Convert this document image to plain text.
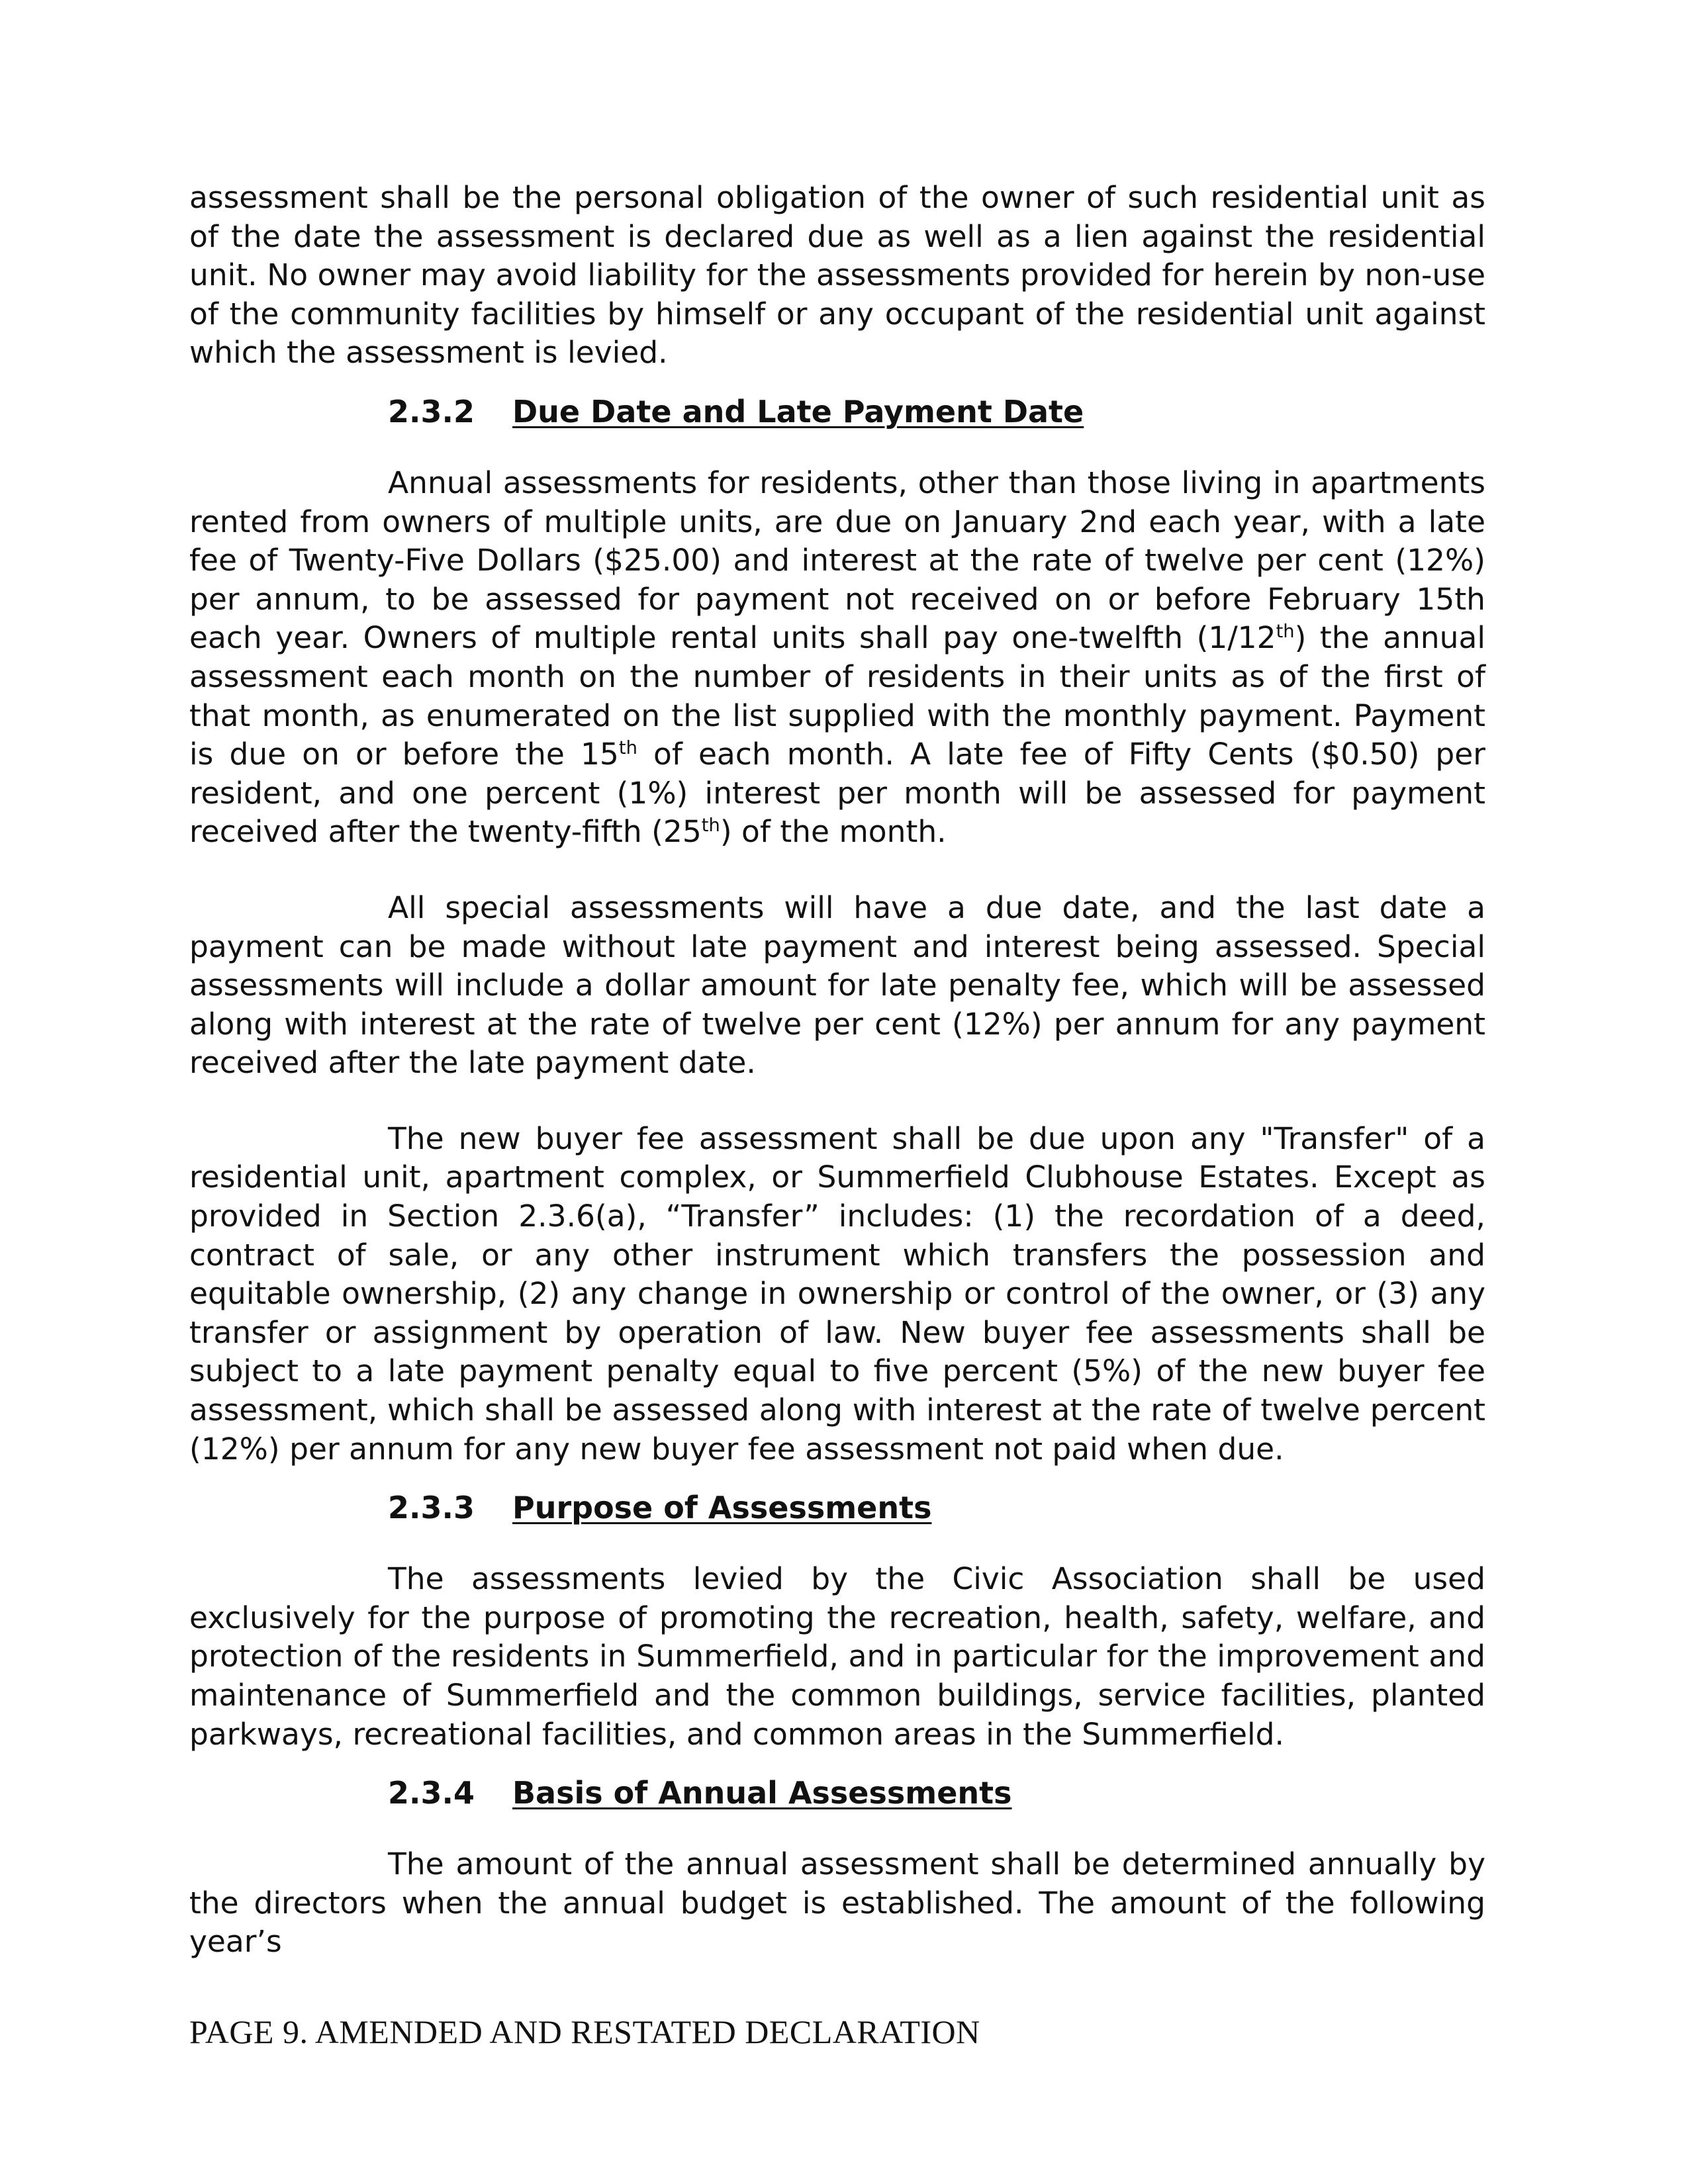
assessment shall be the personal obligation of the owner of such residential unit as of the date the assessment is declared due as well as a lien against the residential unit. No owner may avoid liability for the assessments provided for herein by non-use of the community facilities by himself or any occupant of the residential unit against which the assessment is levied.

2.3.2 Due Date and Late Payment Date

Annual assessments for residents, other than those living in apartments rented from owners of multiple units, are due on January 2nd each year, with a late fee of Twenty-Five Dollars ($25.00) and interest at the rate of twelve per cent (12%) per annum, to be assessed for payment not received on or before February 15th each year. Owners of multiple rental units shall pay one-twelfth (1/12th) the annual assessment each month on the number of residents in their units as of the first of that month, as enumerated on the list supplied with the monthly payment. Payment is due on or before the 15th of each month. A late fee of Fifty Cents ($0.50) per resident, and one percent (1%) interest per month will be assessed for payment received after the twenty-fifth (25th) of the month.

All special assessments will have a due date, and the last date a payment can be made without late payment and interest being assessed. Special assessments will include a dollar amount for late penalty fee, which will be assessed along with interest at the rate of twelve per cent (12%) per annum for any payment received after the late payment date.

The new buyer fee assessment shall be due upon any "Transfer" of a residential unit, apartment complex, or Summerfield Clubhouse Estates. Except as provided in Section 2.3.6(a), “Transfer” includes: (1) the recordation of a deed, contract of sale, or any other instrument which transfers the possession and equitable ownership, (2) any change in ownership or control of the owner, or (3) any transfer or assignment by operation of law. New buyer fee assessments shall be subject to a late payment penalty equal to five percent (5%) of the new buyer fee assessment, which shall be assessed along with interest at the rate of twelve percent (12%) per annum for any new buyer fee assessment not paid when due.

2.3.3 Purpose of Assessments

The assessments levied by the Civic Association shall be used exclusively for the purpose of promoting the recreation, health, safety, welfare, and protection of the residents in Summerfield, and in particular for the improvement and maintenance of Summerfield and the common buildings, service facilities, planted parkways, recreational facilities, and common areas in the Summerfield.

2.3.4 Basis of Annual Assessments

The amount of the annual assessment shall be determined annually by the directors when the annual budget is established. The amount of the following year’s

PAGE 9. AMENDED AND RESTATED DECLARATION
